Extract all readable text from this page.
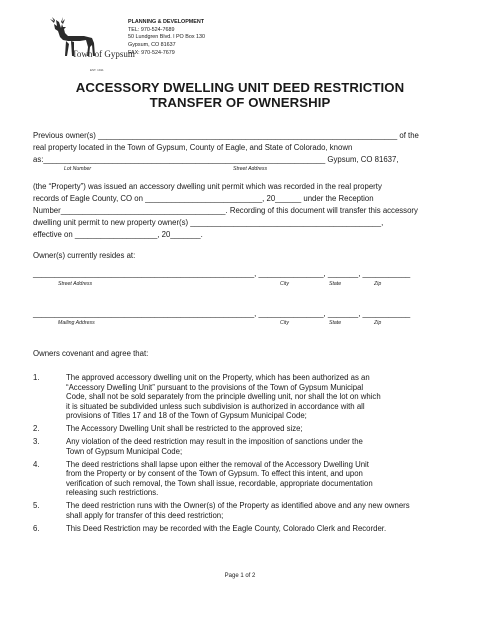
Town of Gypsum
EST. 1911
PLANNING & DEVELOPMENT
TEL: 970-524-7689
50 Lundgren Blvd. l PO Box 130
Gypsum, CO 81637
FAX: 970-524-7679
ACCESSORY DWELLING UNIT DEED RESTRICTION
TRANSFER OF OWNERSHIP
Previous owner(s) _____________________________________________________________________ of the
real property located in the Town of Gypsum, County of Eagle, and State of Colorado, known
as:_________________________________________________________________ Gypsum, CO 81637,
Lot Number	Street Address
(the “Property”) was issued an accessory dwelling unit permit which was recorded in the real property
records of Eagle County, CO on ___________________________, 20______ under the Reception
Number______________________________________. Recording of this document will transfer this accessory
dwelling unit permit to new property owner(s) ____________________________________________,
effective on ___________________, 20_______.
Owner(s) currently resides at:
___________________________________________________, _______________, _______, ___________
Street Address	City	State	Zip
___________________________________________________, _______________, _______, ___________
Mailing Address	City	State	Zip
Owners covenant and agree that:
1.	The approved accessory dwelling unit on the Property, which has been authorized as an
“Accessory Dwelling Unit” pursuant to the provisions of the Town of Gypsum Municipal
Code, shall not be sold separately from the principle dwelling unit, nor shall the lot on which
it is situated be subdivided unless such subdivision is authorized in accordance with all
provisions of Titles 17 and 18 of the Town of Gypsum Municipal Code;
2.	The Accessory Dwelling Unit shall be restricted to the approved size;
3.	Any violation of the deed restriction may result in the imposition of sanctions under the
Town of Gypsum Municipal Code;
4.	The deed restrictions shall lapse upon either the removal of the Accessory Dwelling Unit
from the Property or by consent of the Town of Gypsum. To effect this intent, and upon
verification of such removal, the Town shall issue, recordable, appropriate documentation
releasing such restrictions.
5.	The deed restriction runs with the Owner(s) of the Property as identified above and any new owners
shall apply for transfer of this deed restriction;
6.	This Deed Restriction may be recorded with the Eagle County, Colorado Clerk and Recorder.
Page 1 of 2
